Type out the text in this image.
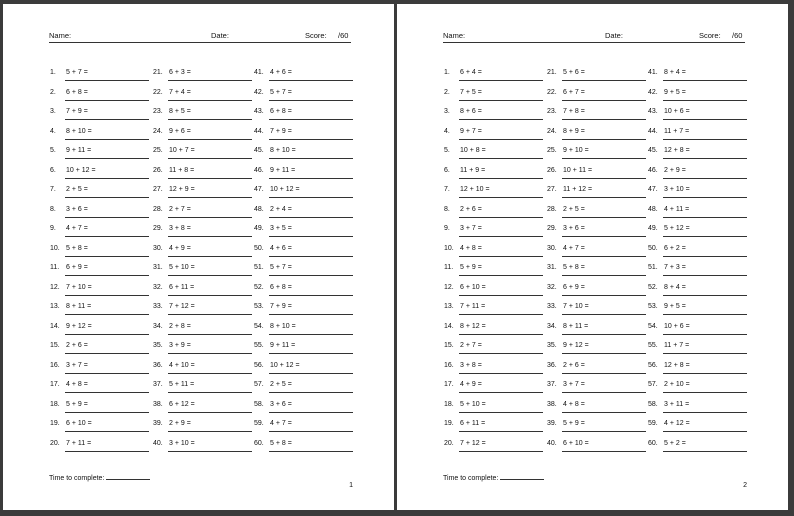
Name:	Date:	Score: /60
1. 5 + 7 =
2. 6 + 8 =
3. 7 + 9 =
4. 8 + 10 =
5. 9 + 11 =
6. 10 + 12 =
7. 2 + 5 =
8. 3 + 6 =
9. 4 + 7 =
10. 5 + 8 =
11. 6 + 9 =
12. 7 + 10 =
13. 8 + 11 =
14. 9 + 12 =
15. 2 + 6 =
16. 3 + 7 =
17. 4 + 8 =
18. 5 + 9 =
19. 6 + 10 =
20. 7 + 11 =
21. 6 + 3 =
22. 7 + 4 =
23. 8 + 5 =
24. 9 + 6 =
25. 10 + 7 =
26. 11 + 8 =
27. 12 + 9 =
28. 2 + 7 =
29. 3 + 8 =
30. 4 + 9 =
31. 5 + 10 =
32. 6 + 11 =
33. 7 + 12 =
34. 2 + 8 =
35. 3 + 9 =
36. 4 + 10 =
37. 5 + 11 =
38. 6 + 12 =
39. 2 + 9 =
40. 3 + 10 =
41. 4 + 6 =
42. 5 + 7 =
43. 6 + 8 =
44. 7 + 9 =
45. 8 + 10 =
46. 9 + 11 =
47. 10 + 12 =
48. 2 + 4 =
49. 3 + 5 =
50. 4 + 6 =
51. 5 + 7 =
52. 6 + 8 =
53. 7 + 9 =
54. 8 + 10 =
55. 9 + 11 =
56. 10 + 12 =
57. 2 + 5 =
58. 3 + 6 =
59. 4 + 7 =
60. 5 + 8 =
Time to complete:
1
Name:	Date:	Score: /60
1. 6 + 4 =
2. 7 + 5 =
3. 8 + 6 =
4. 9 + 7 =
5. 10 + 8 =
6. 11 + 9 =
7. 12 + 10 =
8. 2 + 6 =
9. 3 + 7 =
10. 4 + 8 =
11. 5 + 9 =
12. 6 + 10 =
13. 7 + 11 =
14. 8 + 12 =
15. 2 + 7 =
16. 3 + 8 =
17. 4 + 9 =
18. 5 + 10 =
19. 6 + 11 =
20. 7 + 12 =
21. 5 + 6 =
22. 6 + 7 =
23. 7 + 8 =
24. 8 + 9 =
25. 9 + 10 =
26. 10 + 11 =
27. 11 + 12 =
28. 2 + 5 =
29. 3 + 6 =
30. 4 + 7 =
31. 5 + 8 =
32. 6 + 9 =
33. 7 + 10 =
34. 8 + 11 =
35. 9 + 12 =
36. 2 + 6 =
37. 3 + 7 =
38. 4 + 8 =
39. 5 + 9 =
40. 6 + 10 =
41. 8 + 4 =
42. 9 + 5 =
43. 10 + 6 =
44. 11 + 7 =
45. 12 + 8 =
46. 2 + 9 =
47. 3 + 10 =
48. 4 + 11 =
49. 5 + 12 =
50. 6 + 2 =
51. 7 + 3 =
52. 8 + 4 =
53. 9 + 5 =
54. 10 + 6 =
55. 11 + 7 =
56. 12 + 8 =
57. 2 + 10 =
58. 3 + 11 =
59. 4 + 12 =
60. 5 + 2 =
Time to complete:
2
